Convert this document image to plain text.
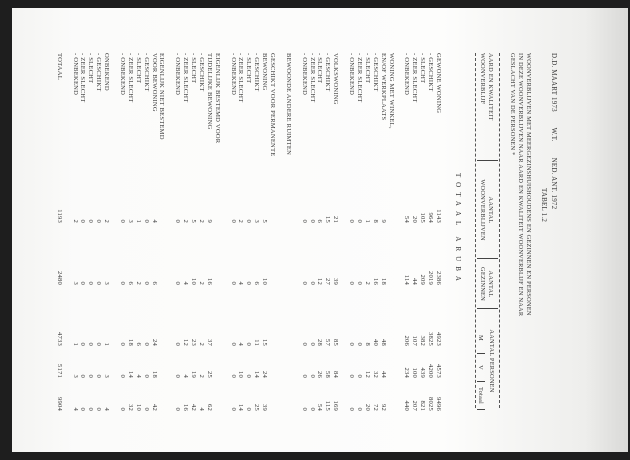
D.D. MAART 1973 W.T. NED. ANT. 1972
TABEL 1.2
WOONVERBLIJVEN MET MEERGEZINSHUISHOUDENS EN GEZINNEN EN PERSONEN
IN DEZE WOONVERBLIJVEN NAAR AARD EN KWALITEIT WOONVERBLIJF EN NAAR
GESLACHT VAN DE PERSONEN *
AARD EN KWALITEIT
WOONVERBLIJF
AANTAL
WOONVERBLIJVEN
AANTAL
GEZINNEN
AANTAL PERSONEN
M
V
Totaal
TOTAAL ARUBA
GEWONE WONING
1143
2386
4923
4573
9496
- GESCHIKT
964
2019
3825
4200
8025
- SLECHT
105
209
382
439
821
- ZEER SLECHT
20
44
107
100
207
- ONBEKEND
54
114
206
234
440
WONING MET WINKEL,
EN/OF WERKPLAATS
9
18
48
44
92
- GESCHIKT
8
16
40
32
72
- SLECHT
1
2
8
12
20
- ZEER SLECHT
0
0
0
0
0
- ONBEKEND
0
0
0
0
0
VOLKSWONING
21
39
85
84
169
- GESCHIKT
15
27
57
58
115
- SLECHT
6
12
28
26
54
- ZEER SLECHT
0
0
0
0
0
- ONBEKEND
0
0
0
0
0
BEWOONDE ANDERE RUIMTEN
GESCHIKT VOOR PERMANENTE
BEWONING
5
10
15
24
39
- GESCHIKT
3
6
11
14
25
- SLECHT
0
0
0
0
0
- ZEER SLECHT
2
4
4
10
14
- ONBEKEND
0
0
0
0
0
EIGENLIJK BESTEMD VOOR
TIJDELIJKE BEWONING
9
16
37
25
62
- GESCHIKT
2
2
2
2
4
- SLECHT
5
10
23
19
42
- ZEER SLECHT
2
4
12
4
16
- ONBEKEND
0
0
0
0
0
EIGENLIJK NIET BESTEMD
VOOR BEWONING
4
6
24
18
42
- GESCHIKT
0
0
0
0
0
- SLECHT
1
2
6
4
10
- ZEER SLECHT
3
6
18
14
32
- ONBEKEND
0
0
0
0
0
ONBEKEND
2
3
1
3
4
- GESCHIKT
0
0
0
0
0
- SLECHT
0
0
0
0
0
- ZEER SLECHT
0
0
0
0
0
- ONBEKEND
2
3
1
3
4
TOTAAL
1193
2480
4733
5171
9904
